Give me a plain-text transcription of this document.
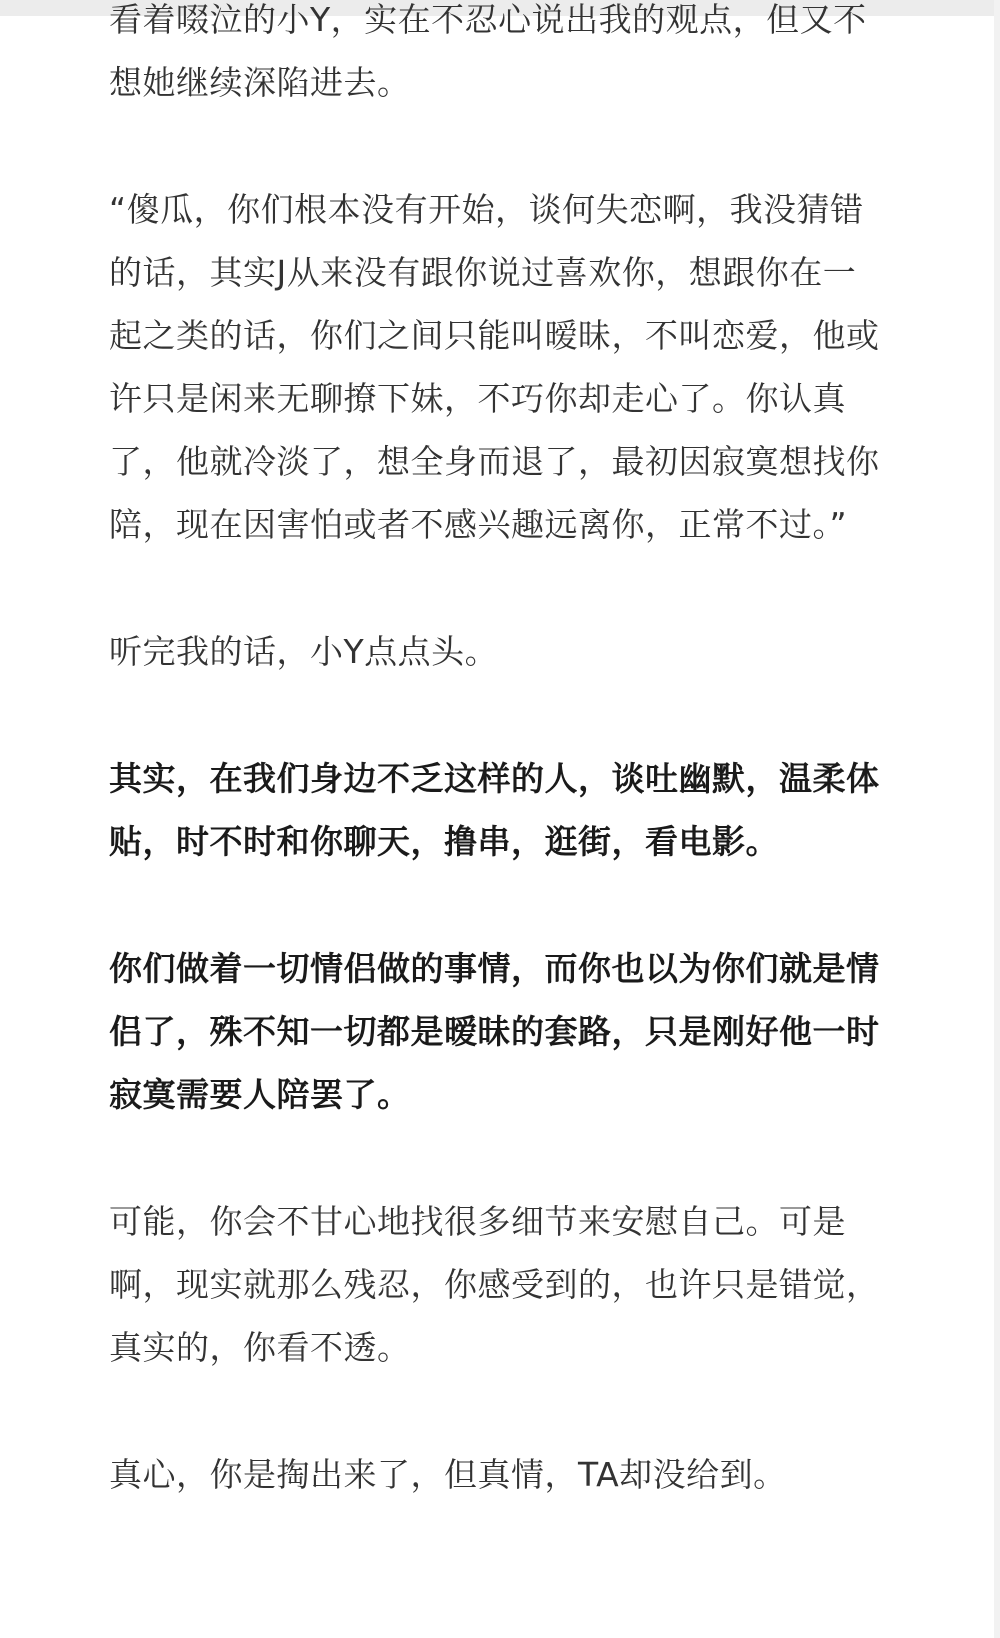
看着啜泣的小Y，实在不忍心说出我的观点，但又不
想她继续深陷进去。

“傻瓜，你们根本没有开始，谈何失恋啊，我没猜错
的话，其实J从来没有跟你说过喜欢你，想跟你在一
起之类的话，你们之间只能叫暧昧，不叫恋爱，他或
许只是闲来无聊撩下妹，不巧你却走心了。你认真
了，他就冷淡了，想全身而退了，最初因寂寞想找你
陪，现在因害怕或者不感兴趣远离你，正常不过。”

听完我的话，小Y点点头。

其实，在我们身边不乏这样的人，谈吐幽默，温柔体
贴，时不时和你聊天，撸串，逛街，看电影。

你们做着一切情侣做的事情，而你也以为你们就是情
侣了，殊不知一切都是暧昧的套路，只是刚好他一时
寂寞需要人陪罢了。

可能，你会不甘心地找很多细节来安慰自己。可是
啊，现实就那么残忍，你感受到的，也许只是错觉，
真实的，你看不透。

真心，你是掏出来了，但真情，TA却没给到。
